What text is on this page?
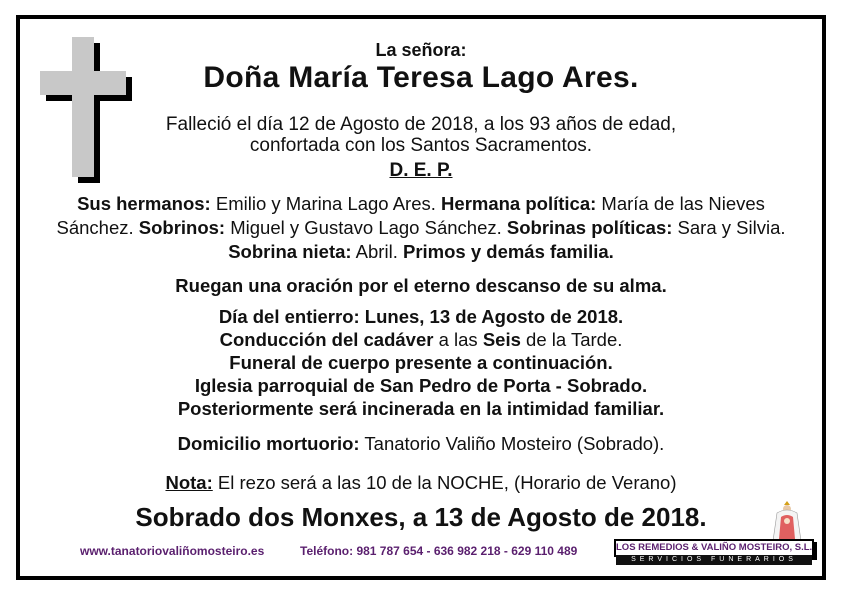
La señora:
Doña María Teresa Lago Ares.
Falleció el día 12 de Agosto de 2018, a los 93 años de edad,
confortada con los Santos Sacramentos.
D. E. P.
Sus hermanos: Emilio y Marina Lago Ares. Hermana política: María de las Nieves Sánchez. Sobrinos: Miguel y Gustavo Lago Sánchez. Sobrinas políticas: Sara y Silvia.
Sobrina nieta: Abril. Primos y demás familia.
Ruegan una oración por el eterno descanso de su alma.
Día del entierro: Lunes, 13 de Agosto de 2018.
Conducción del cadáver a las Seis de la Tarde.
Funeral de cuerpo presente a continuación.
Iglesia parroquial de San Pedro de Porta - Sobrado.
Posteriormente será incinerada en la intimidad familiar.
Domicilio mortuorio: Tanatorio Valiño Mosteiro (Sobrado).
Nota: El rezo será a las 10 de la NOCHE, (Horario de Verano)
Sobrado dos Monxes, a 13 de Agosto de 2018.
www.tanatoriovaliñomosteiro.es	Teléfono: 981 787 654 - 636 982 218 - 629 110 489	LOS REMEDIOS & VALIÑO MOSTEIRO, S.L.
SERVICIOS FUNERARIOS
